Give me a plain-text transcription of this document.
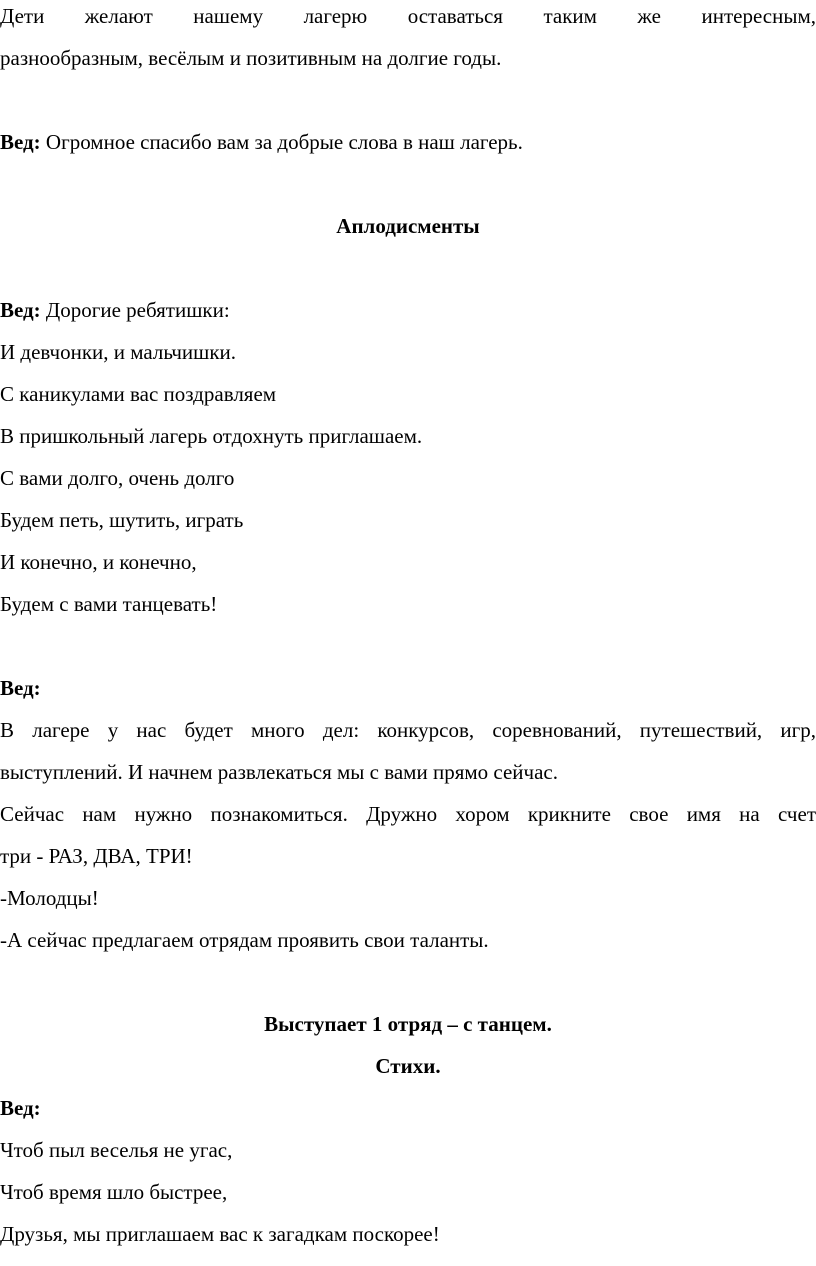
Дети желают нашему лагерю оставаться таким же интересным,
разнообразным, весёлым и позитивным на долгие годы.
Вед: Огромное спасибо вам за добрые слова в наш лагерь.
Аплодисменты
Вед: Дорогие ребятишки:
И девчонки, и мальчишки.
С каникулами вас поздравляем
В пришкольный лагерь отдохнуть приглашаем.
С вами долго, очень долго
Будем петь, шутить, играть
И конечно, и конечно,
Будем с вами танцевать!
Вед:
В лагере у нас будет много дел: конкурсов, соревнований, путешествий, игр,
выступлений. И начнем развлекаться мы с вами прямо сейчас.
Сейчас нам нужно познакомиться. Дружно хором крикните свое имя на счет
три - РАЗ, ДВА, ТРИ!
-Молодцы!
-А сейчас предлагаем отрядам проявить свои таланты.
Выступает 1 отряд – с танцем.
Стихи.
Вед:
Чтоб пыл веселья не угас,
Чтоб время шло быстрее,
Друзья, мы приглашаем вас к загадкам поскорее!
